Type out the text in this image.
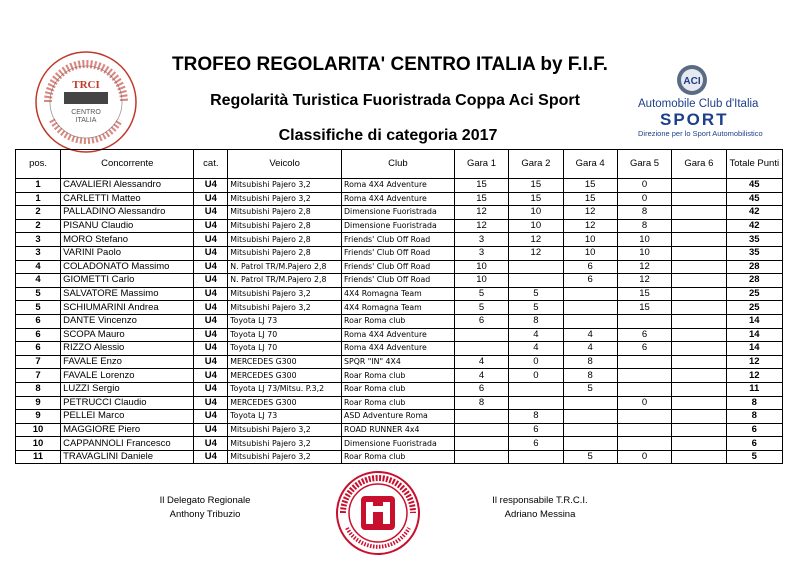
TRCI
CENTRO
ITALIA
ACI
Automobile Club d'Italia
SPORT
Direzione per lo Sport Automobilistico
TROFEO REGOLARITA' CENTRO ITALIA by F.I.F.
Regolarità Turistica Fuoristrada Coppa Aci Sport
Classifiche di categoria 2017
pos.	Concorrente	cat.	Veicolo	Club	Gara 1	Gara 2	Gara 4	Gara 5	Gara 6	Totale Punti
1	CAVALIERI Alessandro	U4	Mitsubishi Pajero 3,2	Roma 4X4 Adventure	15	15	15	0		45
1	CARLETTI Matteo	U4	Mitsubishi Pajero 3,2	Roma 4X4 Adventure	15	15	15	0		45
2	PALLADINO Alessandro	U4	Mitsubishi Pajero 2,8	Dimensione Fuoristrada	12	10	12	8		42
2	PISANU Claudio	U4	Mitsubishi Pajero 2,8	Dimensione Fuoristrada	12	10	12	8		42
3	MORO Stefano	U4	Mitsubishi Pajero 2,8	Friends' Club Off Road	3	12	10	10		35
3	VARINI Paolo	U4	Mitsubishi Pajero 2,8	Friends' Club Off Road	3	12	10	10		35
4	COLADONATO Massimo	U4	N. Patrol TR/M.Pajero 2,8	Friends' Club Off Road	10		6	12		28
4	GIOMETTI Carlo	U4	N. Patrol TR/M.Pajero 2,8	Friends' Club Off Road	10		6	12		28
5	SALVATORE Massimo	U4	Mitsubishi Pajero 3,2	4X4 Romagna Team	5	5		15		25
5	SCHIUMARINI Andrea	U4	Mitsubishi Pajero 3,2	4X4 Romagna Team	5	5		15		25
6	DANTE Vincenzo	U4	Toyota LJ 73	Roar Roma club	6	8				14
6	SCOPA Mauro	U4	Toyota LJ 70	Roma 4X4 Adventure		4	4	6		14
6	RIZZO Alessio	U4	Toyota LJ 70	Roma 4X4 Adventure		4	4	6		14
7	FAVALE Enzo	U4	MERCEDES G300	SPQR "IN" 4X4	4	0	8			12
7	FAVALE Lorenzo	U4	MERCEDES G300	Roar Roma club	4	0	8			12
8	LUZZI Sergio	U4	Toyota LJ 73/Mitsu. P.3,2	Roar Roma club	6		5			11
9	PETRUCCI Claudio	U4	MERCEDES G300	Roar Roma club	8			0		8
9	PELLEI Marco	U4	Toyota LJ 73	ASD Adventure Roma		8				8
10	MAGGIORE Piero	U4	Mitsubishi Pajero 3,2	ROAD RUNNER 4x4		6				6
10	CAPPANNOLI Francesco	U4	Mitsubishi Pajero 3,2	Dimensione Fuoristrada		6				6
11	TRAVAGLINI Daniele	U4	Mitsubishi Pajero 3,2	Roar Roma club			5	0		5
Il Delegato Regionale
Anthony Tribuzio
Il responsabile T.R.C.I.
Adriano Messina
